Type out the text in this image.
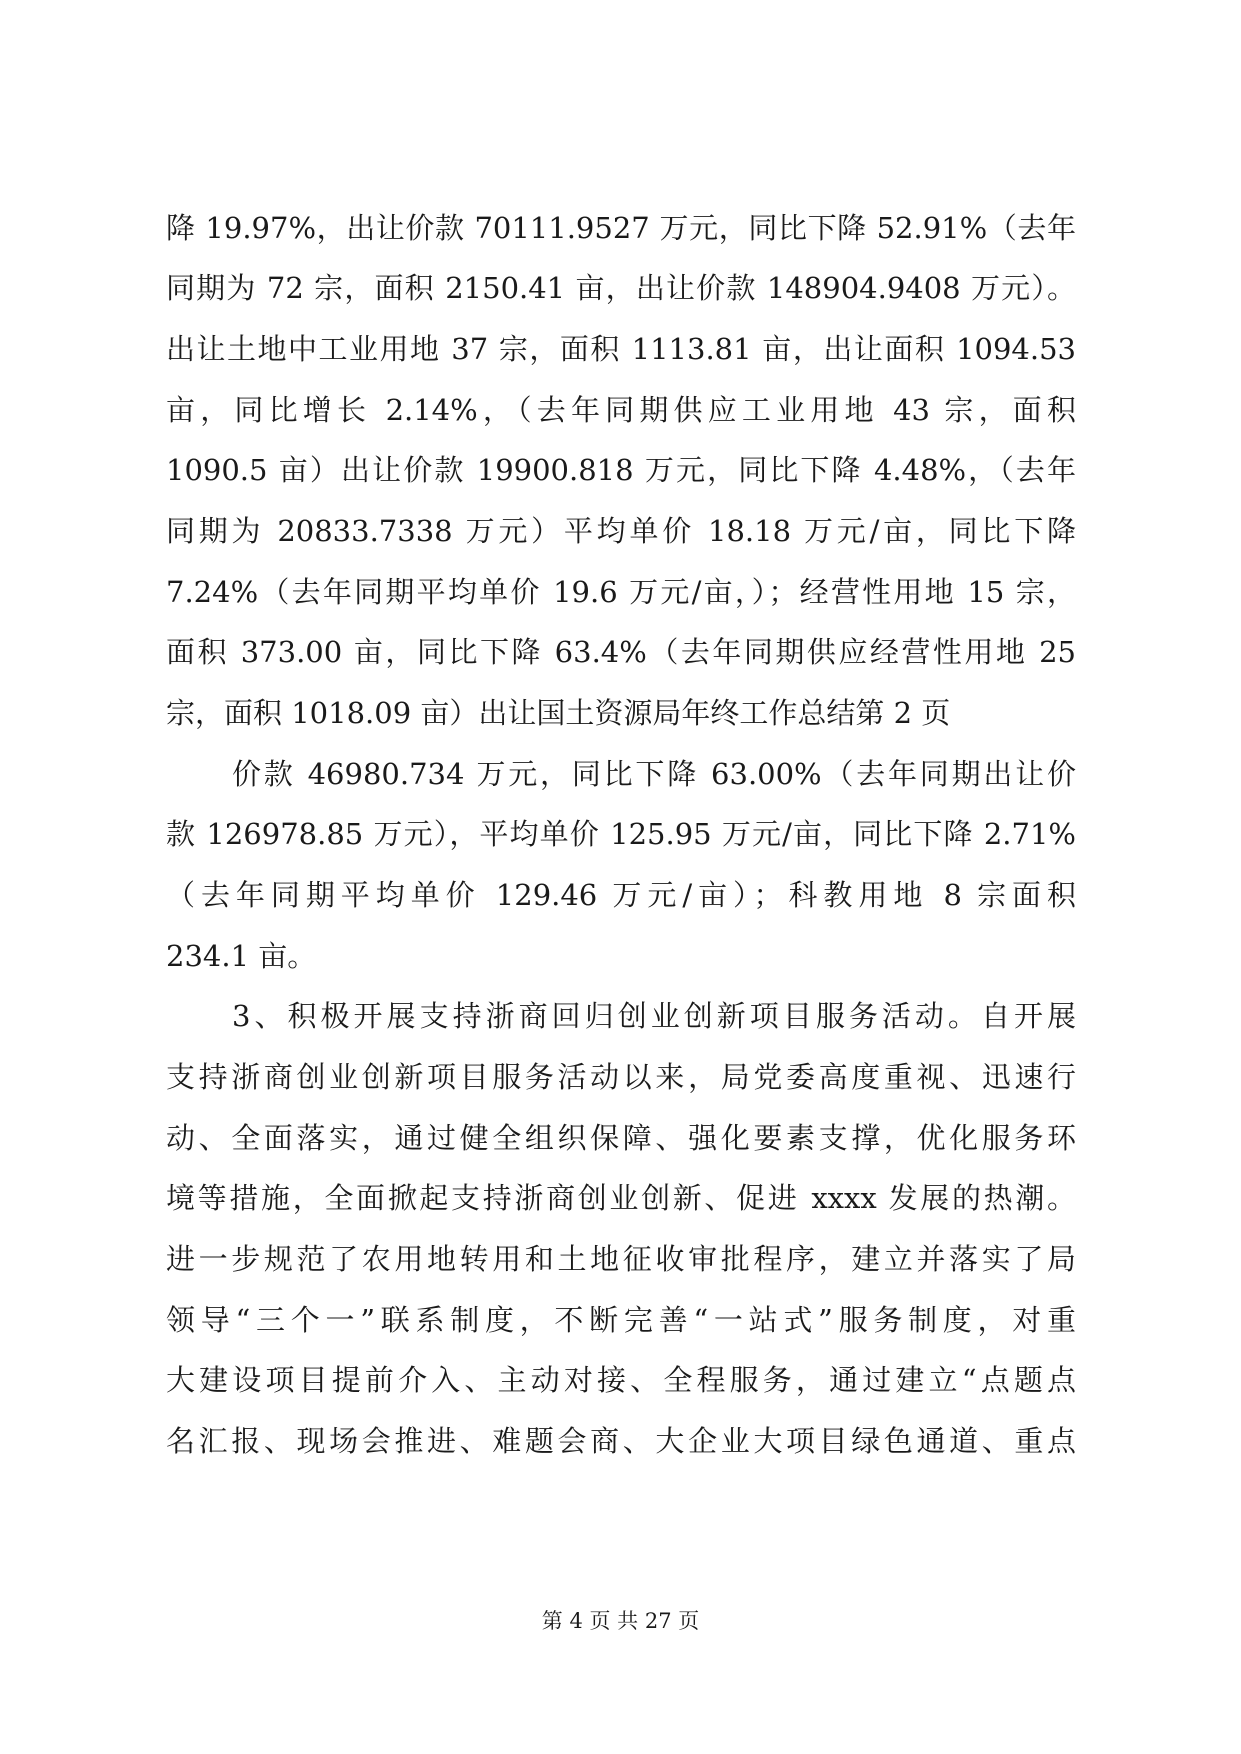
降 19.97%，出让价款 70111.9527 万元，同比下降 52.91%（去年
同期为 72 宗，面积 2150.41 亩，出让价款 148904.9408 万元）。
出让土地中工业用地 37 宗，面积 1113.81 亩，出让面积 1094.53
亩，同比增长 2.14%，（去年同期供应工业用地 43 宗，面积
1090.5 亩）出让价款 19900.818 万元，同比下降 4.48%，（去年
同期为 20833.7338 万元）平均单价 18.18 万元/亩，同比下降
7.24%（去年同期平均单价 19.6 万元/亩，）；经营性用地 15 宗，
面积 373.00 亩，同比下降 63.4%（去年同期供应经营性用地 25
宗，面积 1018.09 亩）出让国土资源局年终工作总结第 2 页
价款 46980.734 万元，同比下降 63.00%（去年同期出让价
款 126978.85 万元），平均单价 125.95 万元/亩，同比下降 2.71%
（去年同期平均单价 129.46 万元/亩）；科教用地 8 宗面积
234.1 亩。
3、积极开展支持浙商回归创业创新项目服务活动。自开展
支持浙商创业创新项目服务活动以来，局党委高度重视、迅速行
动、全面落实，通过健全组织保障、强化要素支撑，优化服务环
境等措施，全面掀起支持浙商创业创新、促进 xxxx 发展的热潮。
进一步规范了农用地转用和土地征收审批程序，建立并落实了局
领导“三个一”联系制度，不断完善“一站式”服务制度，对重
大建设项目提前介入、主动对接、全程服务，通过建立“点题点
名汇报、现场会推进、难题会商、大企业大项目绿色通道、重点
第 4 页 共 27 页
